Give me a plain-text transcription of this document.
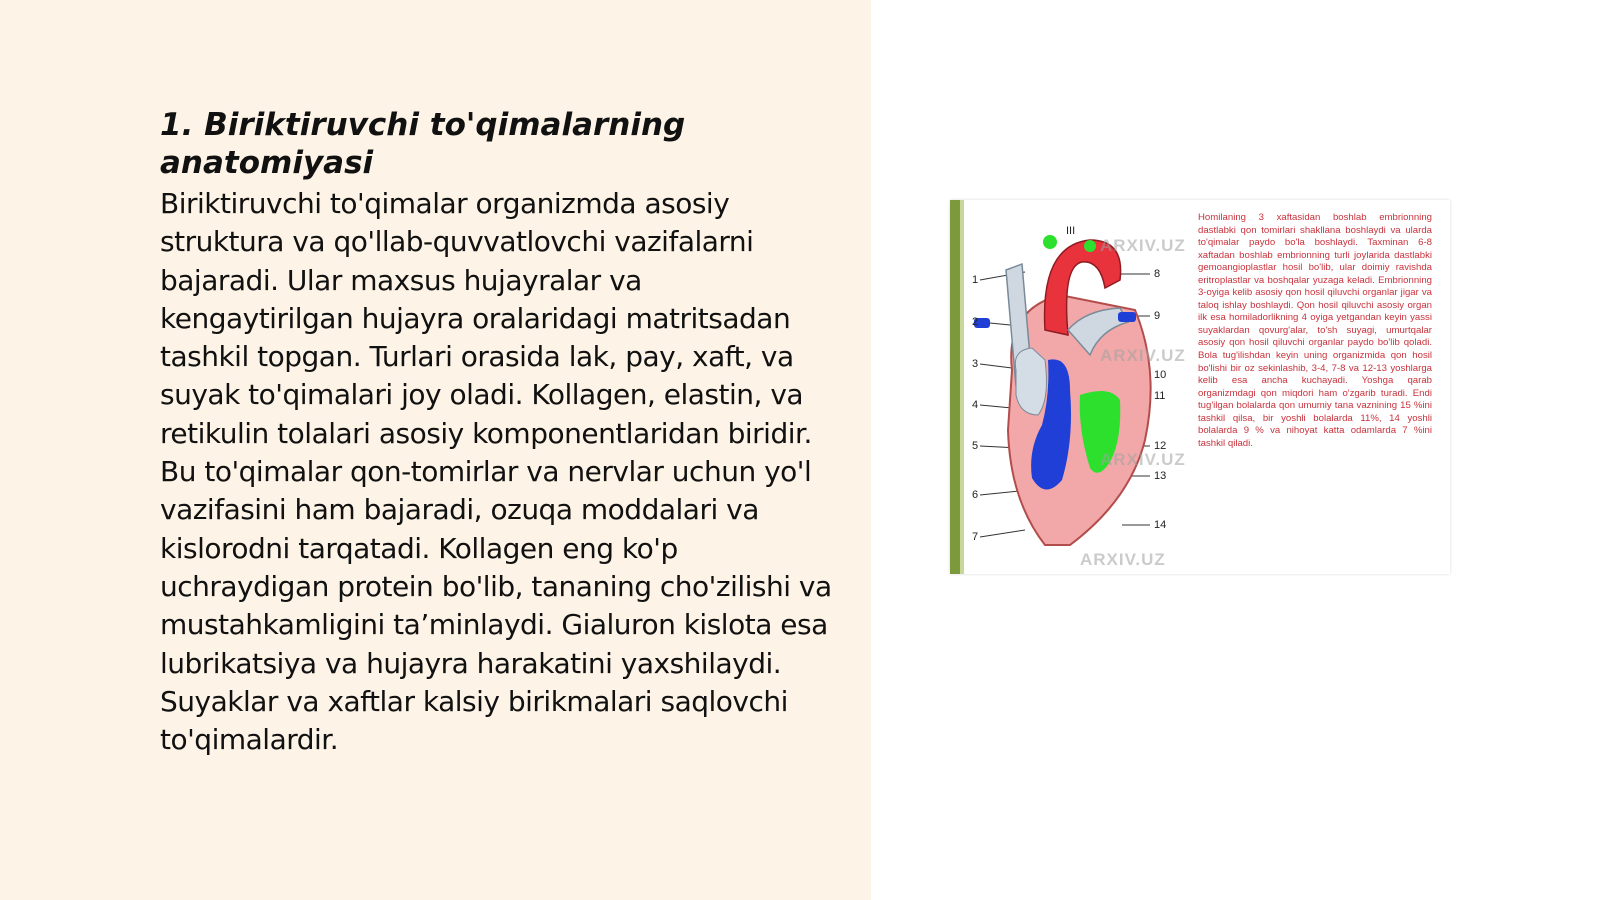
1. Biriktiruvchi to'qimalarning anatomiyasi

Biriktiruvchi to'qimalar organizmda asosiy struktura va qo'llab-quvvatlovchi vazifalarni bajaradi. Ular maxsus hujayralar va kengaytirilgan hujayra oralaridagi matritsadan tashkil topgan. Turlari orasida lak, pay, xaft, va suyak to'qimalari joy oladi. Kollagen, elastin, va retikulin tolalari asosiy komponentlaridan biridir. Bu to'qimalar qon-tomirlar va nervlar uchun yo'l vazifasini ham bajaradi, ozuqa moddalari va kislorodni tarqatadi. Kollagen eng ko'p uchraydigan protein bo'lib, tananing cho'zilishi va mustahkamligini ta’minlaydi. Gialuron kislota esa lubrikatsiya va hujayra harakatini yaxshilaydi. Suyaklar va xaftlar kalsiy birikmalari saqlovchi to'qimalardir.

1
2
3
4
5
6
7
8
9
10
11
12
13
14
III
ARXIV.UZ
ARXIV.UZ
ARXIV.UZ
ARXIV.UZ

Homilaning 3 xaftasidan boshlab embrionning dastlabki qon tomirlari shakllana boshlaydi va ularda to'qimalar paydo bo'la boshlaydi. Taxminan 6-8 xaftadan boshlab embrionning turli joylarida dastlabki gemoangioplastlar hosil bo'lib, ular doimiy ravishda eritroplastlar va boshqalar yuzaga keladi. Embrionning 3-oyiga kelib asosiy qon hosil qiluvchi organlar jigar va taloq ishlay boshlaydi. Qon hosil qiluvchi asosiy organ ilk esa homiladorlikning 4 oyiga yetgandan keyin yassi suyaklardan qovurg'alar, to'sh suyagi, umurtqalar asosiy qon hosil qiluvchi organlar paydo bo'lib qoladi. Bola tug'ilishdan keyin uning organizmida qon hosil bo'lishi bir oz sekinlashib, 3-4, 7-8 va 12-13 yoshlarga kelib esa ancha kuchayadi. Yoshga qarab organizmdagi qon miqdori ham o'zgarib turadi. Endi tug'ilgan bolalarda qon umumiy tana vaznining 15 %ini tashkil qilsa, bir yoshli bolalarda 11%, 14 yoshli bolalarda 9 % va nihoyat katta odamlarda 7 %ini tashkil qiladi.
